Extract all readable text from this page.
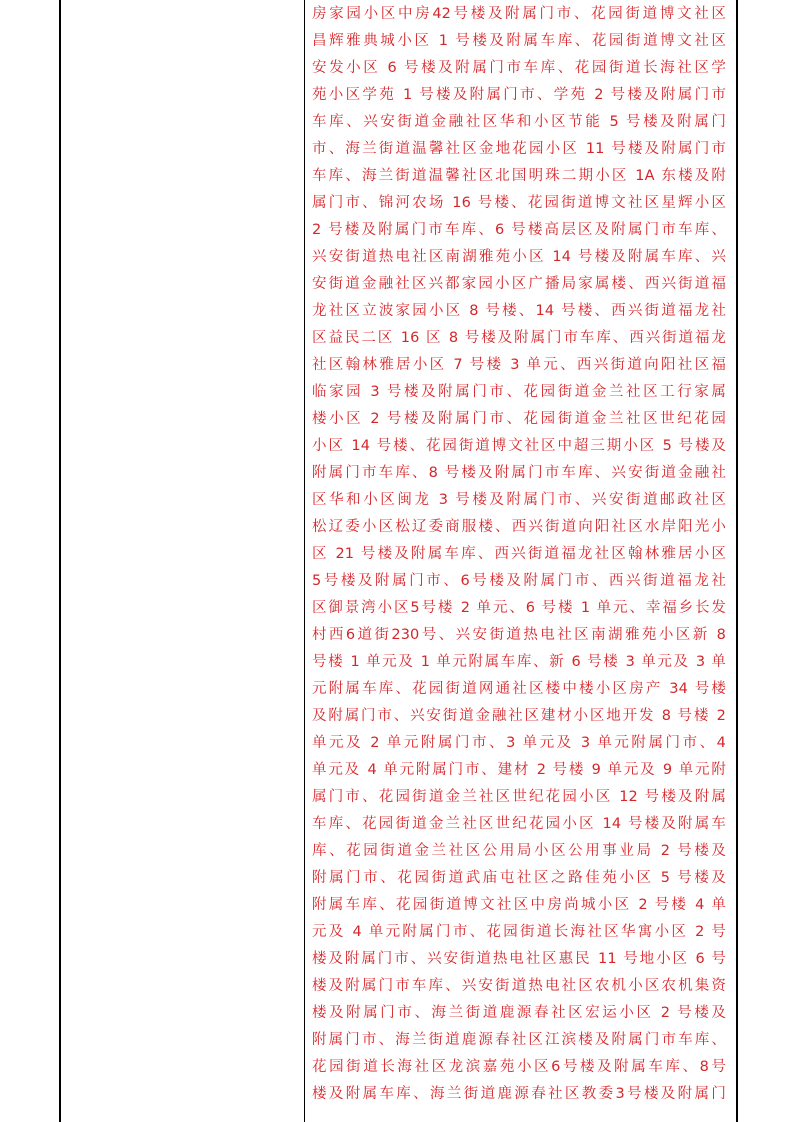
房家园小区中房42号楼及附属门市、花园街道博文社区
昌辉雅典城小区 1 号楼及附属车库、花园街道博文社区
安发小区 6 号楼及附属门市车库、花园街道长海社区学
苑小区学苑 1 号楼及附属门市、学苑 2 号楼及附属门市
车库、兴安街道金融社区华和小区节能 5 号楼及附属门
市、海兰街道温馨社区金地花园小区 11 号楼及附属门市
车库、海兰街道温馨社区北国明珠二期小区 1A 东楼及附
属门市、锦河农场 16 号楼、花园街道博文社区星辉小区
2 号楼及附属门市车库、6 号楼高层区及附属门市车库、
兴安街道热电社区南湖雅苑小区 14 号楼及附属车库、兴
安街道金融社区兴都家园小区广播局家属楼、西兴街道福
龙社区立波家园小区 8 号楼、14 号楼、西兴街道福龙社
区益民二区 16 区 8 号楼及附属门市车库、西兴街道福龙
社区翰林雅居小区 7 号楼 3 单元、西兴街道向阳社区福
临家园 3 号楼及附属门市、花园街道金兰社区工行家属
楼小区 2 号楼及附属门市、花园街道金兰社区世纪花园
小区 14 号楼、花园街道博文社区中超三期小区 5 号楼及
附属门市车库、8 号楼及附属门市车库、兴安街道金融社
区华和小区闽龙 3 号楼及附属门市、兴安街道邮政社区
松辽委小区松辽委商服楼、西兴街道向阳社区水岸阳光小
区 21 号楼及附属车库、西兴街道福龙社区翰林雅居小区
5号楼及附属门市、6号楼及附属门市、西兴街道福龙社
区御景湾小区5号楼 2 单元、6 号楼 1 单元、幸福乡长发
村西6道街230号、兴安街道热电社区南湖雅苑小区新 8
号楼 1 单元及 1 单元附属车库、新 6 号楼 3 单元及 3 单
元附属车库、花园街道网通社区楼中楼小区房产 34 号楼
及附属门市、兴安街道金融社区建材小区地开发 8 号楼 2
单元及 2 单元附属门市、3 单元及 3 单元附属门市、4
单元及 4 单元附属门市、建材 2 号楼 9 单元及 9 单元附
属门市、花园街道金兰社区世纪花园小区 12 号楼及附属
车库、花园街道金兰社区世纪花园小区 14 号楼及附属车
库、花园街道金兰社区公用局小区公用事业局 2 号楼及
附属门市、花园街道武庙屯社区之路佳苑小区 5 号楼及
附属车库、花园街道博文社区中房尚城小区 2 号楼 4 单
元及 4 单元附属门市、花园街道长海社区华寓小区 2 号
楼及附属门市、兴安街道热电社区惠民 11 号地小区 6 号
楼及附属门市车库、兴安街道热电社区农机小区农机集资
楼及附属门市、海兰街道鹿源春社区宏运小区 2 号楼及
附属门市、海兰街道鹿源春社区江滨楼及附属门市车库、
花园街道长海社区龙滨嘉苑小区6号楼及附属车库、8号
楼及附属车库、海兰街道鹿源春社区教委3号楼及附属门
